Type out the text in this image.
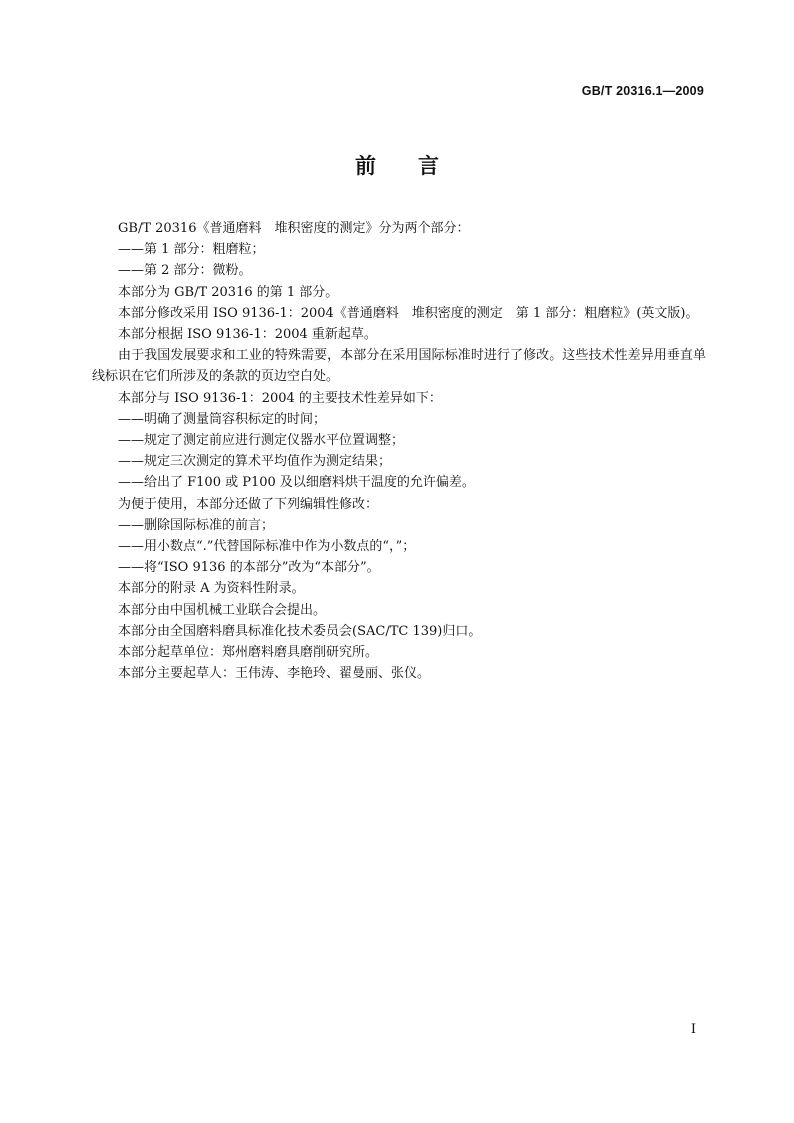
GB/T 20316.1—2009
前言

GB/T 20316《普通磨料　堆积密度的测定》分为两个部分：

——第 1 部分：粗磨粒；

——第 2 部分：微粉。

本部分为 GB/T 20316 的第 1 部分。

本部分修改采用 ISO 9136-1：2004《普通磨料　堆积密度的测定　第 1 部分：粗磨粒》(英文版)。

本部分根据 ISO 9136-1：2004 重新起草。

由于我国发展要求和工业的特殊需要，本部分在采用国际标准时进行了修改。这些技术性差异用垂直单线标识在它们所涉及的条款的页边空白处。

本部分与 ISO 9136-1：2004 的主要技术性差异如下：

——明确了测量筒容积标定的时间；

——规定了测定前应进行测定仪器水平位置调整；

——规定三次测定的算术平均值作为测定结果；

——给出了 F100 或 P100 及以细磨料烘干温度的允许偏差。

为便于使用，本部分还做了下列编辑性修改：

——删除国际标准的前言；

——用小数点“.”代替国际标准中作为小数点的“，”；

——将“ISO 9136 的本部分”改为“本部分”。

本部分的附录 A 为资料性附录。

本部分由中国机械工业联合会提出。

本部分由全国磨料磨具标准化技术委员会(SAC/TC 139)归口。

本部分起草单位：郑州磨料磨具磨削研究所。

本部分主要起草人：王伟涛、李艳玲、翟曼丽、张仪。

I
